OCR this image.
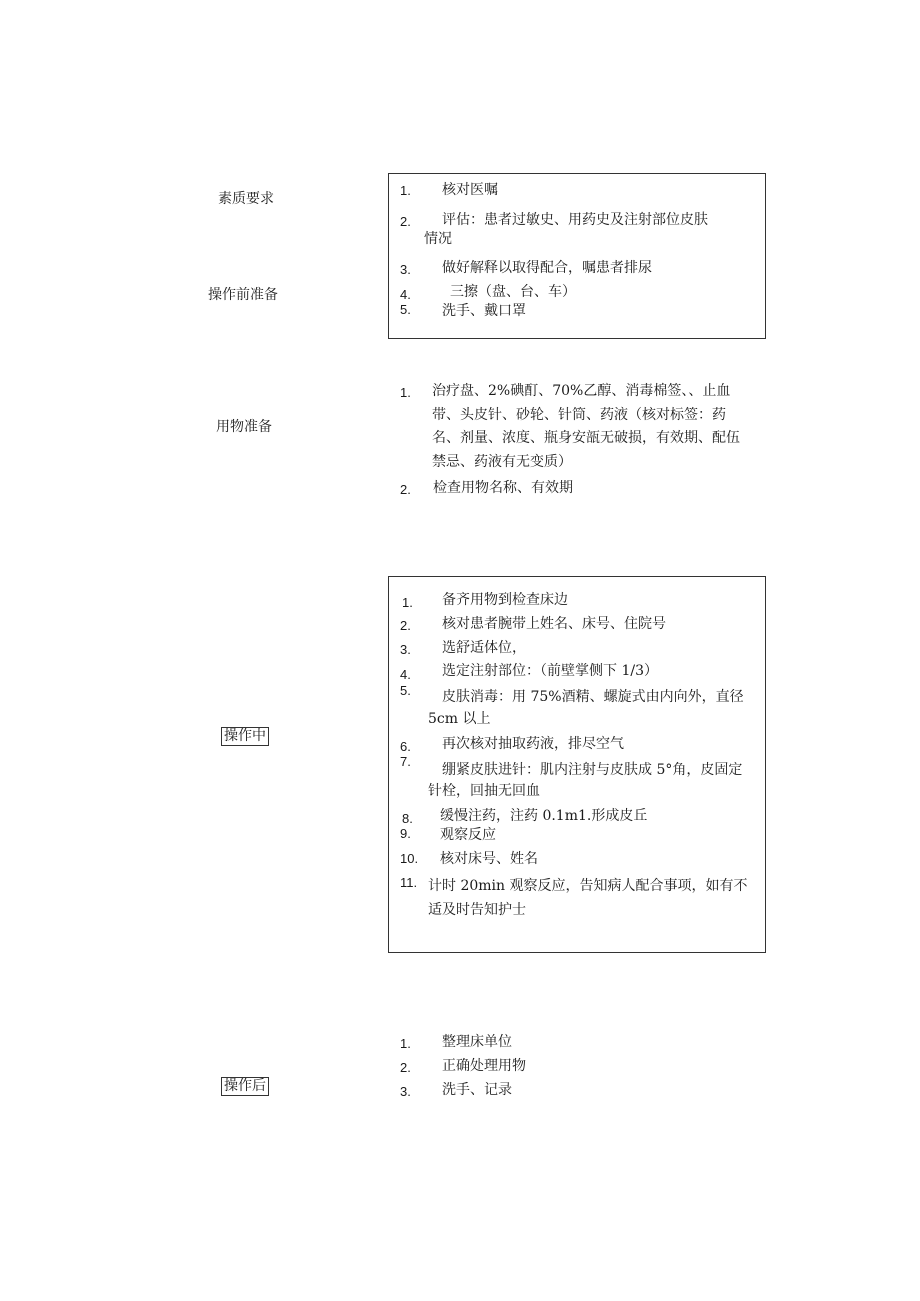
素质要求
操作前准备
用物准备
操作中
操作后
1. 核对医嘱
2. 评估：患者过敏史、用药史及注射部位皮肤
情况
3. 做好解释以取得配合，嘱患者排尿
4.	三擦（盘、台、车）
5. 洗手、戴口罩
1. 治疗盘、2%碘酊、70%乙醇、消毒棉签、、止血
带、头皮针、砂轮、针筒、药液（核对标签：药
名、剂量、浓度、瓶身安瓿无破损，有效期、配伍
禁忌、药液有无变质）
2. 检查用物名称、有效期
1. 备齐用物到检查床边
2. 核对患者腕带上姓名、床号、住院号
3. 选舒适体位，
4. 选定注射部位：（前壁掌侧下 1/3）
5. 皮肤消毒：用 75%酒精、螺旋式由内向外，直径
5cm 以上
6. 再次核对抽取药液，排尽空气
7.
绷紧皮肤进针：肌内注射与皮肤成 5°角，皮固定
针栓，回抽无回血
8. 缓慢注药，注药 0.1m1.形成皮丘
9. 观察反应
10. 核对床号、姓名
11. 计时 20min 观察反应，告知病人配合事项，如有不
适及时告知护士
1. 整理床单位
2. 正确处理用物
3. 洗手、记录
